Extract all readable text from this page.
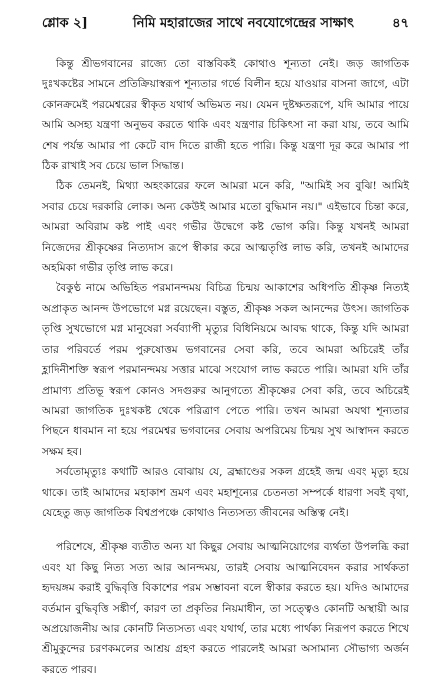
শ্লোক ২]	নিমি মহারাজের সাথে নবযোগেন্দ্রের সাক্ষাৎ	৪৭

কিন্তু শ্রীভগবানের রাজ্যে তো বাস্তবিকই কোথাও শূন্যতা নেই। জড় জাগতিক দুঃখকষ্টের সামনে প্রতিক্রিয়াস্বরূপ শূন্যতার গর্ভে বিলীন হয়ে যাওয়ার বাসনা জাগে, এটা কোনক্রমেই পরমেশ্বরের স্বীকৃত যথার্থ অভিমত নয়। যেমন দুষ্টক্ষতরূপে, যদি আমার পায়ে আমি অসহ্য যন্ত্রণা অনুভব করতে থাকি এবং যন্ত্রণার চিকিৎসা না করা যায়, তবে আমি শেষ পর্যন্ত আমার পা কেটে বাদ দিতে রাজী হতে পারি। কিন্তু যন্ত্রণা দূর করে আমার পা ঠিক রাখাই সব চেয়ে ভাল সিদ্ধান্ত।

ঠিক তেমনই, মিথ্যা অহংকারের ফলে আমরা মনে করি, "আমিই সব বুঝি! আমিই সবার চেয়ে দরকারি লোক। অন্য কেউই আমার মতো বুদ্ধিমান নয়।" এইভাবে চিন্তা করে, আমরা অবিরাম কষ্ট পাই এবং গভীর উদ্বেগে কষ্ট ভোগ করি। কিন্তু যখনই আমরা নিজেদের শ্রীকৃষ্ণের নিত্যদাস রূপে স্বীকার করে আত্মতৃপ্তি লাভ করি, তখনই আমাদের অহমিকা গভীর তৃপ্তি লাভ করে।

বৈকুণ্ঠ নামে অভিহিত পরমানন্দময় বিচিত্র চিন্ময় আকাশের অধিপতি শ্রীকৃষ্ণ নিত্যই অপ্রাকৃত আনন্দ উপভোগে মগ্ন রয়েছেন। বস্তুত, শ্রীকৃষ্ণ সকল আনন্দের উৎস। জাগতিক তৃপ্তি সুখভোগে মগ্ন মানুষেরা সর্বব্যাপী মৃত্যুর বিধিনিয়মে আবদ্ধ থাকে, কিন্তু যদি আমরা তার পরিবর্তে পরম পুরুষোত্তম ভগবানের সেবা করি, তবে আমরা অচিরেই তাঁর হ্লাদিনীশক্তি স্বরূপ পরমানন্দময় সত্তার মাঝে সংযোগ লাভ করতে পারি। আমরা যদি তাঁর প্রামাণ্য প্রতিভূ স্বরূপ কোনও সদগুরুর আনুগত্যে শ্রীকৃষ্ণের সেবা করি, তবে অচিরেই আমরা জাগতিক দুঃখকষ্ট থেকে পরিত্রাণ পেতে পারি। তখন আমরা অযথা শূন্যতার পিছনে ধাবমান না হয়ে পরমেশ্বর ভগবানের সেবায় অপরিমেয় চিন্ময় সুখ আস্বাদন করতে সক্ষম হব।

সর্বতোমৃত্যুঃ কথাটি আরও বোঝায় যে, ব্রহ্মাণ্ডের সকল গ্রহেই জন্ম এবং মৃত্যু হয়ে থাকে। তাই আমাদের মহাকাশ ভ্রমণ এবং মহাশূন্যের চেতনতা সম্পর্কে ধারণা সবই বৃথা, যেহেতু জড় জাগতিক বিশ্বপ্রপঞ্চে কোথাও নিত্যসত্য জীবনের অস্তিত্ব নেই।

পরিশেষে, শ্রীকৃষ্ণ ব্যতীত অন্য যা কিছুর সেবায় আত্মনিয়োগের ব্যর্থতা উপলব্ধি করা এবং যা কিছু নিত্য সত্য আর আনন্দময়, তারই সেবায় আত্মনিবেদন করার সার্থকতা হৃদয়ঙ্গম করাই বুদ্ধিবৃত্তি বিকাশের পরম সম্ভাবনা বলে স্বীকার করতে হয়। যদিও আমাদের বর্তমান বুদ্ধিবৃত্তি সঙ্কীর্ণ, কারণ তা প্রকৃতির নিয়মাধীন, তা সত্ত্বেও কোনটি অস্থায়ী আর অপ্রয়োজনীয় আর কোনটি নিত্যসত্য এবং যথার্থ, তার মধ্যে পার্থক্য নিরূপণ করতে শিখে শ্রীমুকুন্দের চরণকমলের আশ্রয় গ্রহণ করতে পারলেই আমরা অসামান্য সৌভাগ্য অর্জন করতে পারব।
